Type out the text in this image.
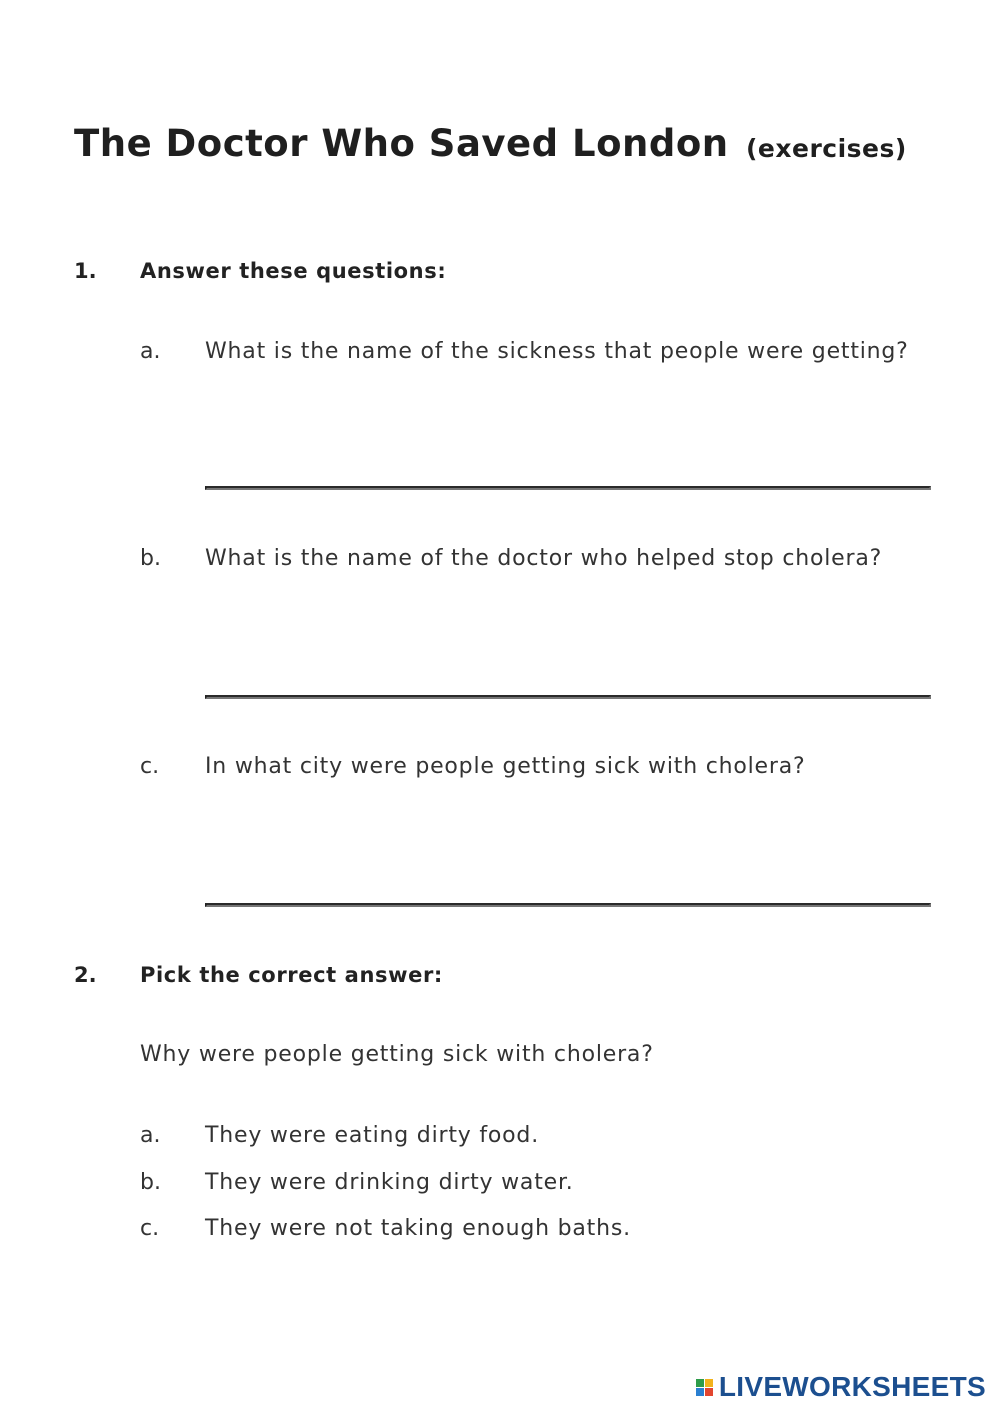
The Doctor Who Saved London (exercises)
1. Answer these questions:
a. What is the name of the sickness that people were getting?
b. What is the name of the doctor who helped stop cholera?
c. In what city were people getting sick with cholera?
2. Pick the correct answer:
Why were people getting sick with cholera?
a. They were eating dirty food.
b. They were drinking dirty water.
c. They were not taking enough baths.
LIVEWORKSHEETS
